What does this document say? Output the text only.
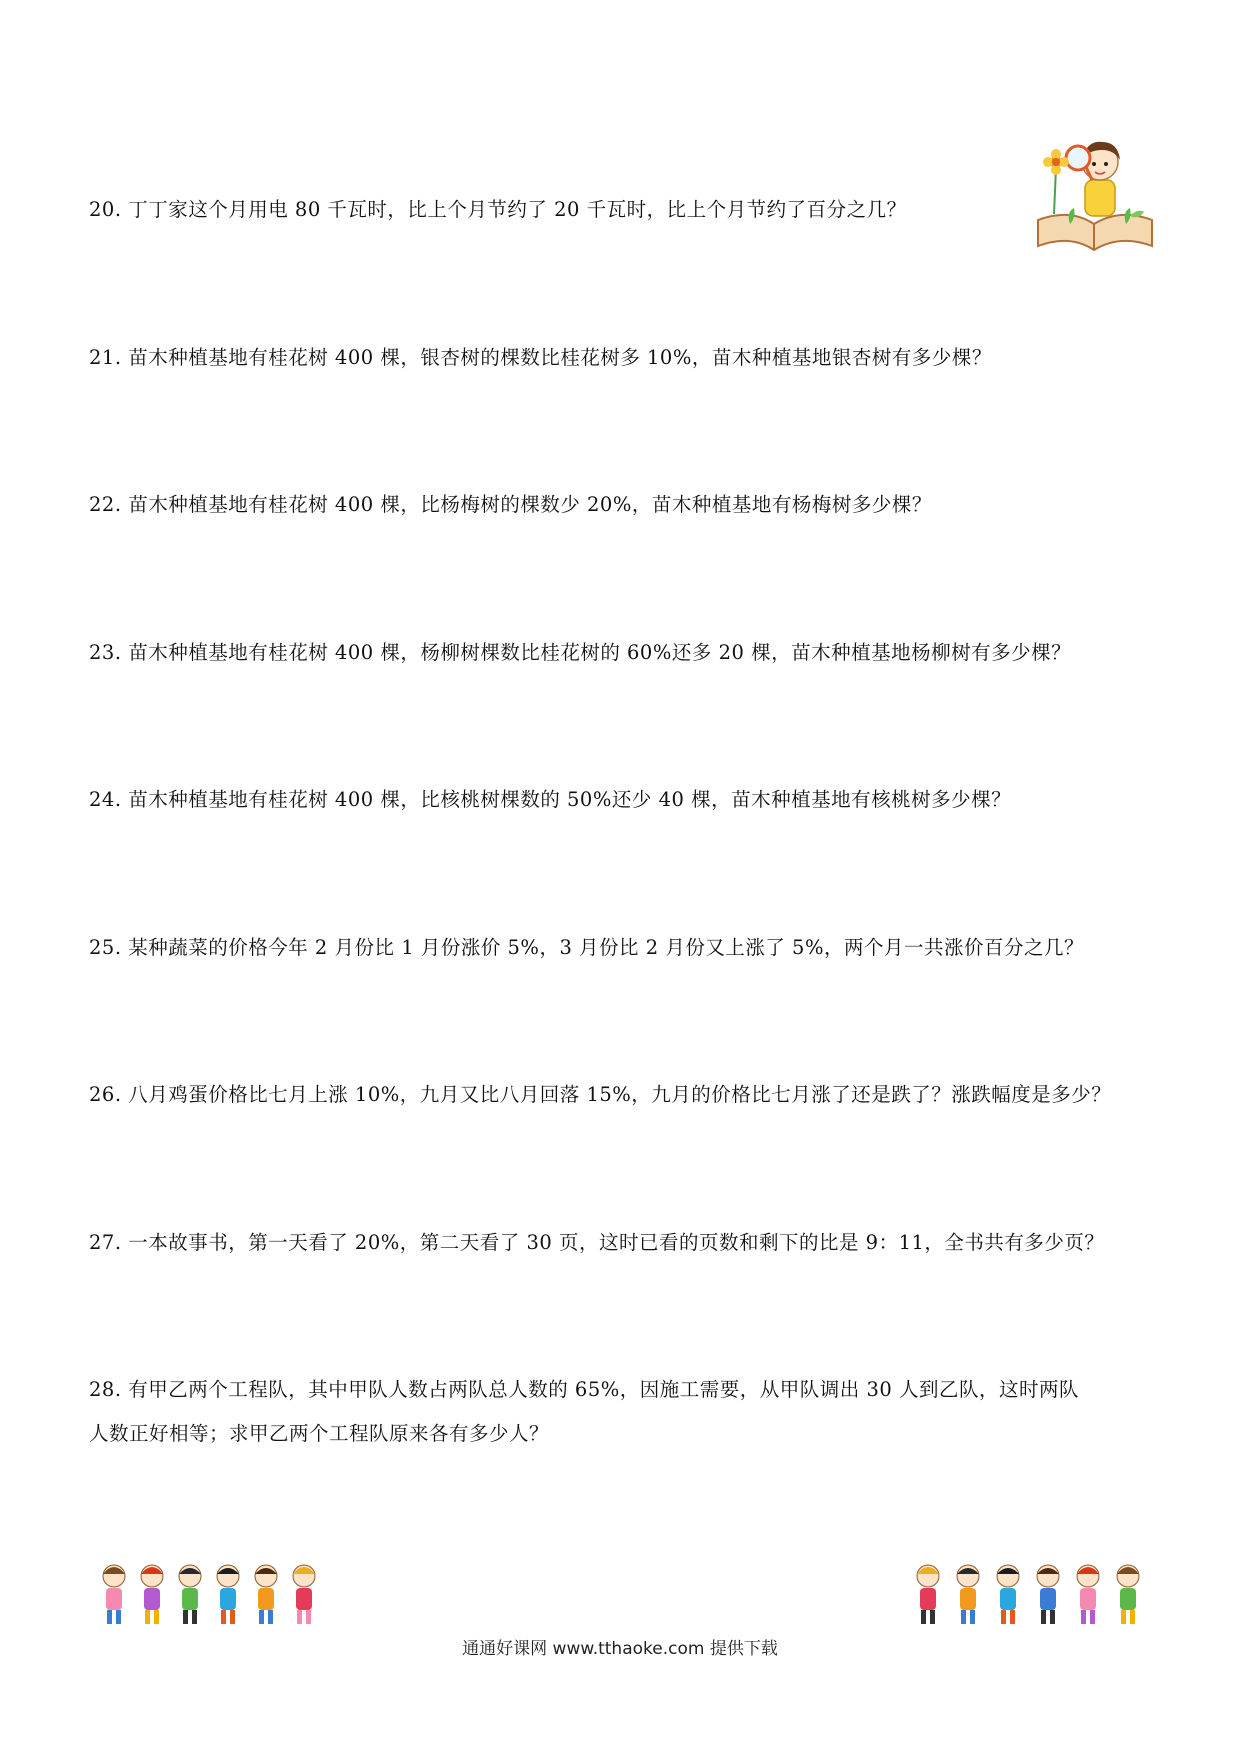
20. 丁丁家这个月用电 80 千瓦时，比上个月节约了 20 千瓦时，比上个月节约了百分之几？

21. 苗木种植基地有桂花树 400 棵，银杏树的棵数比桂花树多 10%，苗木种植基地银杏树有多少棵？

22. 苗木种植基地有桂花树 400 棵，比杨梅树的棵数少 20%，苗木种植基地有杨梅树多少棵？

23. 苗木种植基地有桂花树 400 棵，杨柳树棵数比桂花树的 60%还多 20 棵，苗木种植基地杨柳树有多少棵？

24. 苗木种植基地有桂花树 400 棵，比核桃树棵数的 50%还少 40 棵，苗木种植基地有核桃树多少棵？

25. 某种蔬菜的价格今年 2 月份比 1 月份涨价 5%，3 月份比 2 月份又上涨了 5%，两个月一共涨价百分之几？

26. 八月鸡蛋价格比七月上涨 10%，九月又比八月回落 15%，九月的价格比七月涨了还是跌了？涨跌幅度是多少？

27. 一本故事书，第一天看了 20%，第二天看了 30 页，这时已看的页数和剩下的比是 9：11，全书共有多少页？

28. 有甲乙两个工程队，其中甲队人数占两队总人数的 65%，因施工需要，从甲队调出 30 人到乙队，这时两队

人数正好相等；求甲乙两个工程队原来各有多少人？

通通好课网 www.tthaoke.com 提供下载
